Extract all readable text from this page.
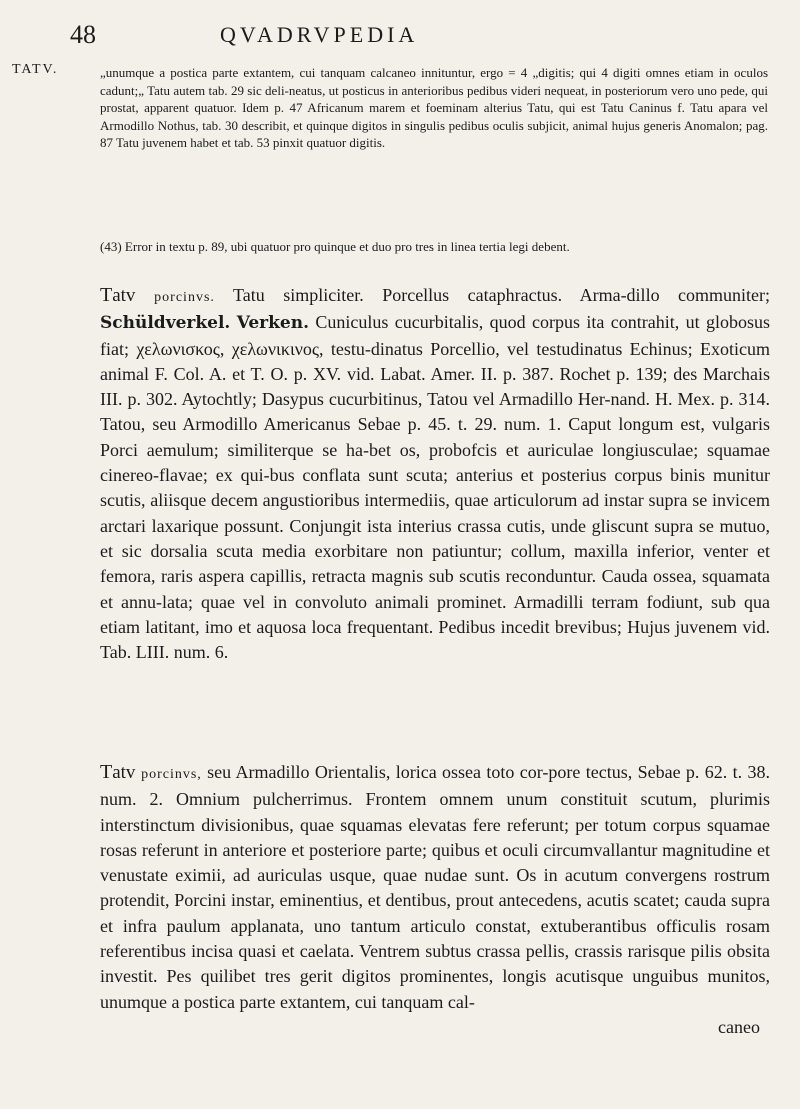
48	QVADRVPEDIA
TATV.	„unumque a postica parte extantem, cui tanquam calcaneo innituntur, ergo = 4 „digitis; qui 4 digiti omnes etiam in oculos cadunt;„ Tatu autem tab. 29 sic deli-neatus, ut posticus in anterioribus pedibus videri nequeat, in posteriorum vero uno pede, qui prostat, apparent quatuor. Idem p. 47 Africanum marem et foeminam alterius Tatu, qui est Tatu Caninus f. Tatu apara vel Armodillo Nothus, tab. 30 describit, et quinque digitos in singulis pedibus oculis subjicit, animal hujus generis Anomalon; pag. 87 Tatu juvenem habet et tab. 53 pinxit quatuor digitis.
(43) Error in textu p. 89, ubi quatuor pro quinque et duo pro tres in linea tertia legi debent.
Tatv porcinvs. Tatu simpliciter. Porcellus cataphractus. Arma-dillo communiter; Schüldverkel. Verken. Cuniculus cucurbitalis, quod corpus ita contrahit, ut globosus fiat; χελωνισκος, χελωνικινος, testu-dinatus Porcellio, vel testudinatus Echinus; Exoticum animal F. Col. A. et T. O. p. XV. vid. Labat. Amer. II. p. 387. Rochet p. 139; des Marchais III. p. 302. Aytochtly; Dasypus cucurbitinus, Tatou vel Armadillo Her-nand. H. Mex. p. 314. Tatou, seu Armodillo Americanus Sebae p. 45. t. 29. num. 1. Caput longum est, vulgaris Porci aemulum; similiterque se ha-bet os, probofcis et auriculae longiusculae; squamae cinereo-flavae; ex qui-bus conflata sunt scuta; anterius et posterius corpus binis munitur scutis, aliisque decem angustioribus intermediis, quae articulorum ad instar supra se invicem arctari laxarique possunt. Conjungit ista interius crassa cutis, unde gliscunt supra se mutuo, et sic dorsalia scuta media exorbitare non patiuntur; collum, maxilla inferior, venter et femora, raris aspera capillis, retracta magnis sub scutis reconduntur. Cauda ossea, squamata et annu-lata; quae vel in convoluto animali prominet. Armadilli terram fodiunt, sub qua etiam latitant, imo et aquosa loca frequentant. Pedibus incedit brevibus; Hujus juvenem vid. Tab. LIII. num. 6.
Tatv porcinvs, seu Armadillo Orientalis, lorica ossea toto cor-pore tectus, Sebae p. 62. t. 38. num. 2. Omnium pulcherrimus. Frontem omnem unum constituit scutum, plurimis interstinctum divisionibus, quae squamas elevatas fere referunt; per totum corpus squamae rosas referunt in anteriore et posteriore parte; quibus et oculi circumvallantur magnitudine et venustate eximii, ad auriculas usque, quae nudae sunt. Os in acutum convergens rostrum protendit, Porcini instar, eminentius, et dentibus, prout antecedens, acutis scatet; cauda supra et infra paulum applanata, uno tantum articulo constat, extuberantibus officulis rosam referentibus incisa quasi et caelata. Ventrem subtus crassa pellis, crassis rarisque pilis obsita investit. Pes quilibet tres gerit digitos prominentes, longis acutisque unguibus munitos, unumque a postica parte extantem, cui tanquam cal-
caneo
